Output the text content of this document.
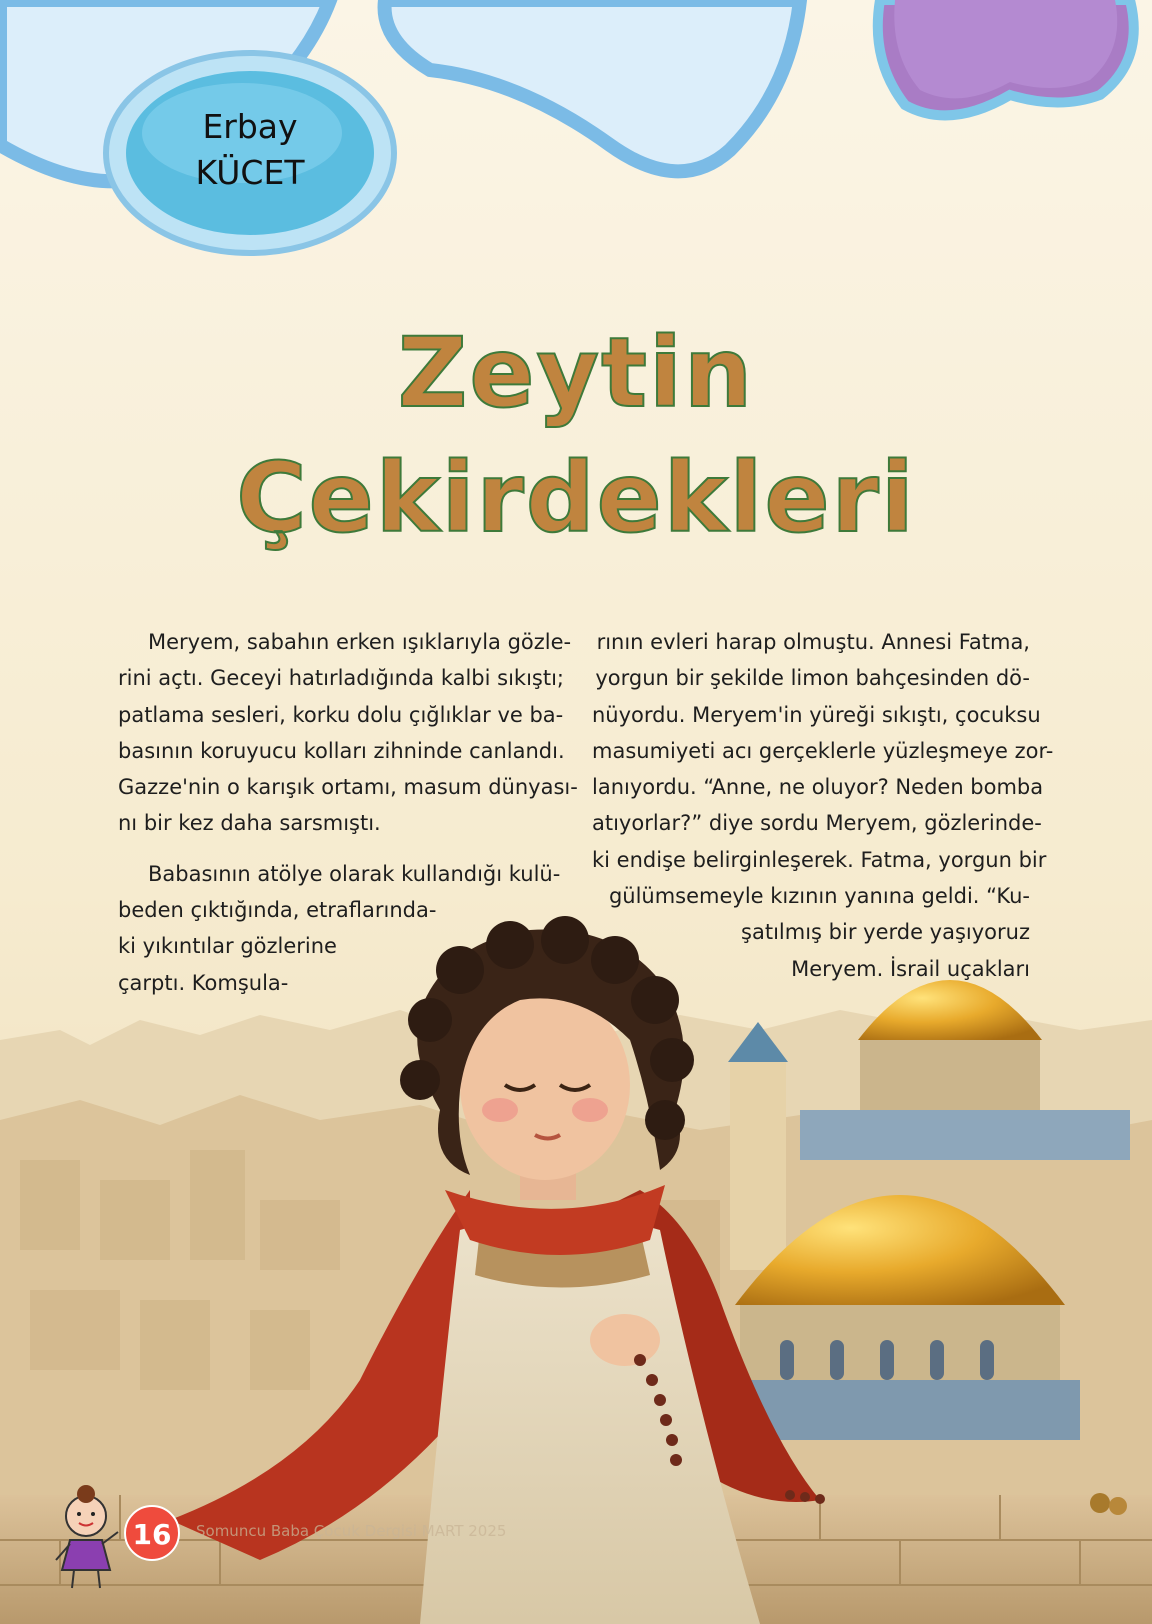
Erbay
KÜCET
Zeytin
Çekirdekleri
Meryem, sabahın erken ışıklarıyla gözle-
rini açtı. Geceyi hatırladığında kalbi sıkıştı;
patlama sesleri, korku dolu çığlıklar ve ba-
basının koruyucu kolları zihninde canlandı.
Gazze'nin o karışık ortamı, masum dünyası-
nı bir kez daha sarsmıştı.
Babasının atölye olarak kullandığı kulü-
beden çıktığında, etraflarında-
ki yıkıntılar gözlerine
çarptı. Komşula-
rının evleri harap olmuştu. Annesi Fatma,
yorgun bir şekilde limon bahçesinden dö-
nüyordu. Meryem'in yüreği sıkıştı, çocuksu
masumiyeti acı gerçeklerle yüzleşmeye zor-
lanıyordu. “Anne, ne oluyor? Neden bomba
atıyorlar?” diye sordu Meryem, gözlerinde-
ki endişe belirginleşerek. Fatma, yorgun bir
gülümsemeyle kızının yanına geldi. “Ku-
şatılmış bir yerde yaşıyoruz
Meryem. İsrail uçakları
16	Somuncu Baba Çocuk Dergisi MART 2025
